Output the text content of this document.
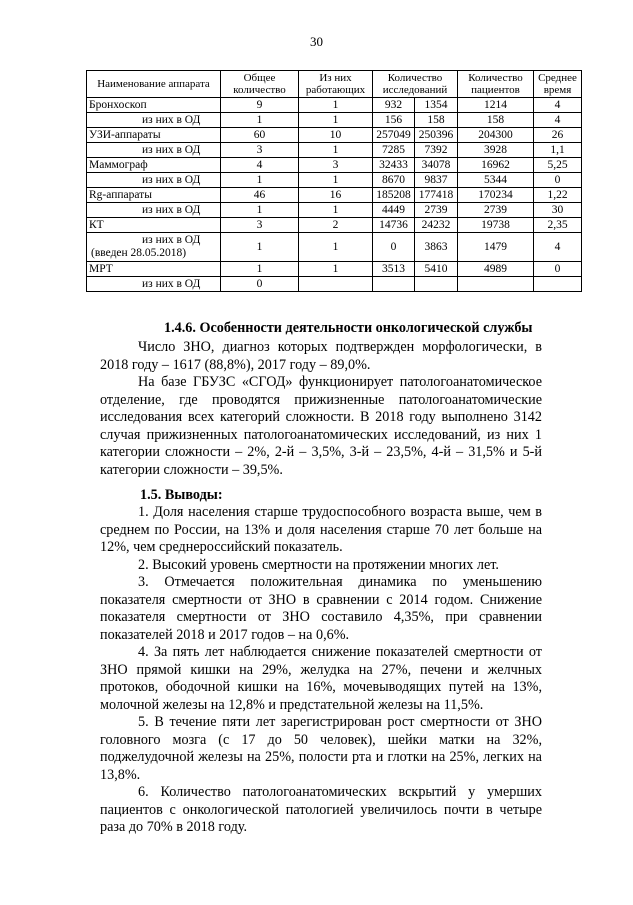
30
Наименование аппарата	Общее количество	Из них работающих	Количество исследований		Количество пациентов	Среднее время
Бронхоскоп	9	1	932	1354	1214	4
из них в ОД	1	1	156	158	158	4
УЗИ-аппараты	60	10	257049	250396	204300	26
из них в ОД	3	1	7285	7392	3928	1,1
Маммограф	4	3	32433	34078	16962	5,25
из них в ОД	1	1	8670	9837	5344	0
Rg-аппараты	46	16	185208	177418	170234	1,22
из них в ОД	1	1	4449	2739	2739	30
КТ	3	2	14736	24232	19738	2,35

из них в ОД
(введен 28.05.2018)	1	1	0	3863	1479	4
МРТ	1	1	3513	5410	4989	0
из них в ОД	0					
1.4.6. Особенности деятельности онкологической службы

Число ЗНО, диагноз которых подтвержден морфологически, в 2018 году – 1617 (88,8%), 2017 году – 89,0%.

На базе ГБУЗС «СГОД» функционирует патологоанатомическое отделение, где проводятся прижизненные патологоанатомические исследования всех категорий сложности. В 2018 году выполнено 3142 случая прижизненных патологоанатомических исследований, из них 1 категории сложности – 2%, 2-й – 3,5%, 3-й – 23,5%, 4-й – 31,5% и 5-й категории сложности – 39,5%.

1.5. Выводы:

1. Доля населения старше трудоспособного возраста выше, чем в среднем по России, на 13% и доля населения старше 70 лет больше на 12%, чем среднероссийский показатель.

2. Высокий уровень смертности на протяжении многих лет.

3. Отмечается положительная динамика по уменьшению показателя смертности от ЗНО в сравнении с 2014 годом. Снижение показателя смертности от ЗНО составило 4,35%, при сравнении показателей 2018 и 2017 годов – на 0,6%.

4. За пять лет наблюдается снижение показателей смертности от ЗНО прямой кишки на 29%, желудка на 27%, печени и желчных протоков, ободочной кишки на 16%, мочевыводящих путей на 13%, молочной железы на 12,8% и предстательной железы на 11,5%.

5. В течение пяти лет зарегистрирован рост смертности от ЗНО головного мозга (с 17 до 50 человек), шейки матки на 32%, поджелудочной железы на 25%, полости рта и глотки на 25%, легких на 13,8%.

6. Количество патологоанатомических вскрытий у умерших пациентов с онкологической патологией увеличилось почти в четыре раза до 70% в 2018 году.
